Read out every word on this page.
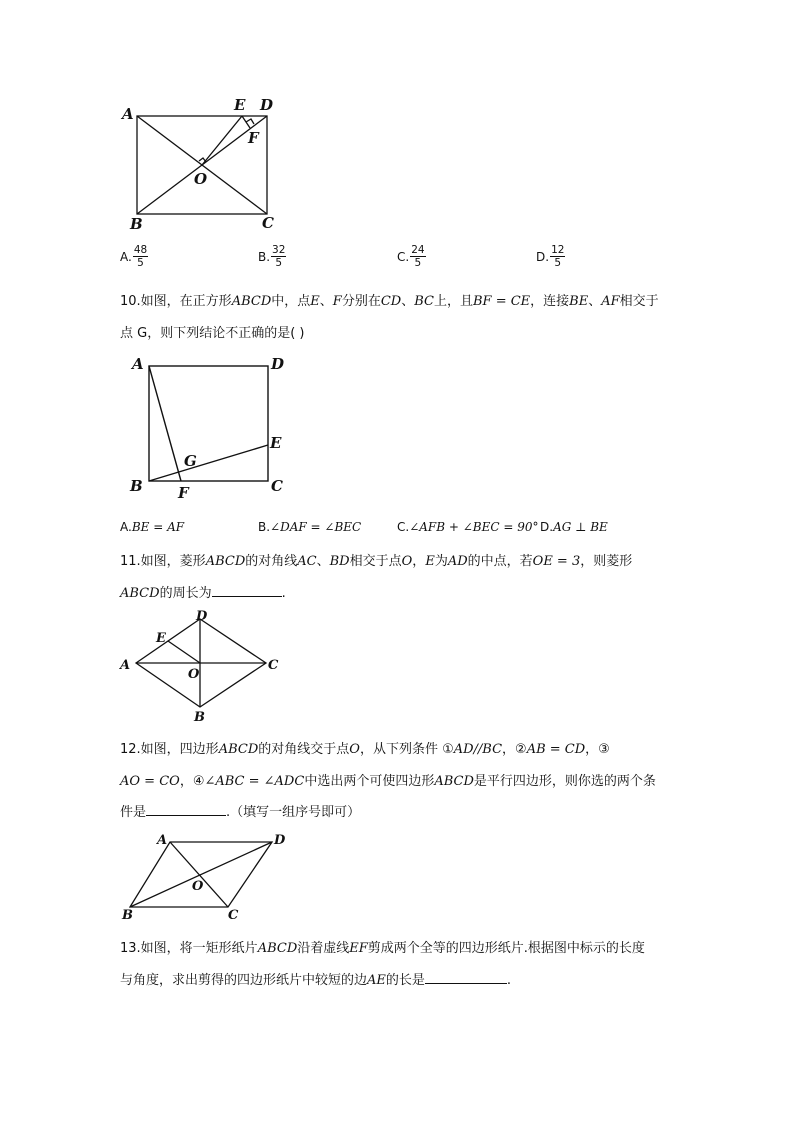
A	E D
F
O
B	C
A. $\frac{48}{5}$	B. $\frac{32}{5}$	C. $\frac{24}{5}$	D. $\frac{12}{5}$
10.如图，在正方形ABCD中，点E、F分别在CD、BC上，且BF = CE，连接BE、AF相交于
点 G，则下列结论不正确的是( )
A	D
E
G
B F	C
A. BE = AF	B. ∠DAF = ∠BEC	C. ∠AFB + ∠BEC = 90° D. AG ⊥ BE
11.如图，菱形ABCD的对角线AC、BD相交于点O，E为AD的中点，若OE = 3，则菱形
ABCD的周长为	.
D
E
A	C
O
B
12.如图，四边形ABCD的对角线交于点O，从下列条件 ①AD//BC，②AB = CD，③
AO = CO，④∠ABC = ∠ADC中选出两个可使四边形ABCD是平行四边形，则你选的两个条
件是	.（填写一组序号即可）
A	D
O
B	C
13.如图，将一矩形纸片ABCD沿着虚线EF剪成两个全等的四边形纸片.根据图中标示的长度
与角度，求出剪得的四边形纸片中较短的边AE的长是	.
